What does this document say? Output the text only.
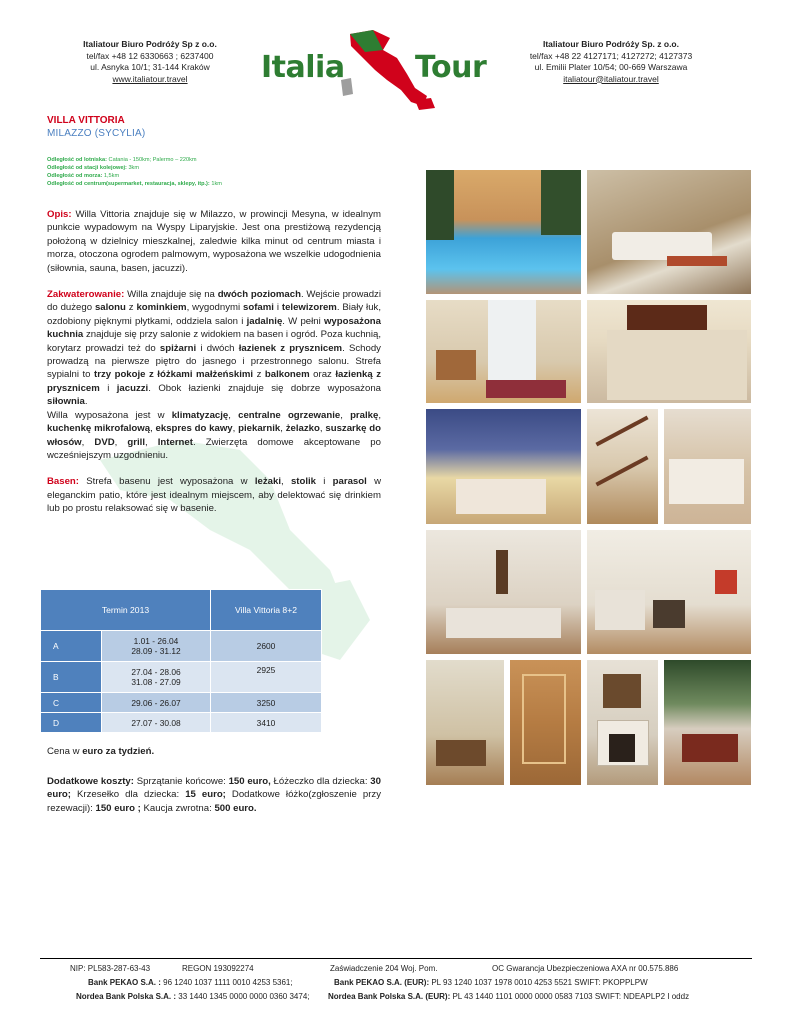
Italiatour Biuro Podróży Sp z o.o.
tel/fax +48 12 6330663 ; 6237400
ul. Asnyka 10/1; 31-144 Kraków
www.italiatour.travel	Italia Tour
Italiatour Biuro Podróży Sp. z o.o.
tel/fax +48 22 4127171; 4127272; 4127373
ul. Emilii Plater 10/54; 00-669 Warszawa
italiatour@italiatour.travel
VILLA VITTORIA
MILAZZO (SYCYLIA)
Odległość od lotniska: Catania - 150km; Palermo – 220km
Odległość od stacji kolejowej: 3km
Odległość od morza: 1,5km
Odległość od centrum(supermarket, restauracja, sklepy, itp.): 1km

Opis: Willa Vittoria znajduje się w Milazzo, w prowincji Mesyna, w idealnym punkcie wypadowym na Wyspy Liparyjskie. Jest ona prestiżową rezydencją położoną w dzielnicy mieszkalnej, zaledwie kilka minut od centrum miasta i morza, otoczona ogrodem palmowym, wyposażona we wszelkie udogodnienia (siłownia, sauna, basen, jacuzzi).

Zakwaterowanie: Willa znajduje się na dwóch poziomach. Wejście prowadzi do dużego salonu z kominkiem, wygodnymi sofami i telewizorem. Biały łuk, ozdobiony pięknymi płytkami, oddziela salon i jadalnię. W pełni wyposażona kuchnia znajduje się przy salonie z widokiem na basen i ogród. Poza kuchnią, korytarz prowadzi też do spiżarni i dwóch łazienek z prysznicem. Schody prowadzą na pierwsze piętro do jasnego i przestronnego salonu. Strefa sypialni to trzy pokoje z łóżkami małżeńskimi z balkonem oraz łazienką z prysznicem i jacuzzi. Obok łazienki znajduje się dobrze wyposażona siłownia.

Willa wyposażona jest w klimatyzację, centralne ogrzewanie, pralkę, kuchenkę mikrofalową, ekspres do kawy, piekarnik, żelazko, suszarkę do włosów, DVD, grill, Internet. Zwierzęta domowe akceptowane po wcześniejszym uzgodnieniu.

Basen: Strefa basenu jest wyposażona w leżaki, stolik i parasol w eleganckim patio, które jest idealnym miejscem, aby delektować się drinkiem lub po prostu relaksować się w basenie.

Termin 2013		Villa Vittoria 8+2
A	1.01 - 26.04
28.09 - 31.12	2600
B	27.04 - 28.06
31.08 - 27.09	2925
C	29.06 - 26.07	3250
D	27.07 - 30.08	3410
Cena w euro za tydzień.
Dodatkowe koszty: Sprzątanie końcowe: 150 euro, Łóżeczko dla dziecka: 30 euro; Krzesełko dla dziecka: 15 euro; Dodatkowe łóżko(zgłoszenie przy rezewacji): 150 euro ; Kaucja zwrotna: 500 euro.
NIP: PL583-287-63-43	REGON 193092274	Zaświadczenie 204 Woj. Pom.	OC Gwarancja Ubezpieczeniowa AXA nr 00.575.886
Bank PEKAO S.A. : 96 1240 1037 1111 0010 4253 5361;	Bank PEKAO S.A. (EUR): PL 93 1240 1037 1978 0010 4253 5521 SWIFT: PKOPPLPW
Nordea Bank Polska S.A. : 33 1440 1345 0000 0000 0360 3474; Nordea Bank Polska S.A. (EUR): PL 43 1440 1101 0000 0000 0583 7103 SWIFT: NDEAPLP2 I oddz
